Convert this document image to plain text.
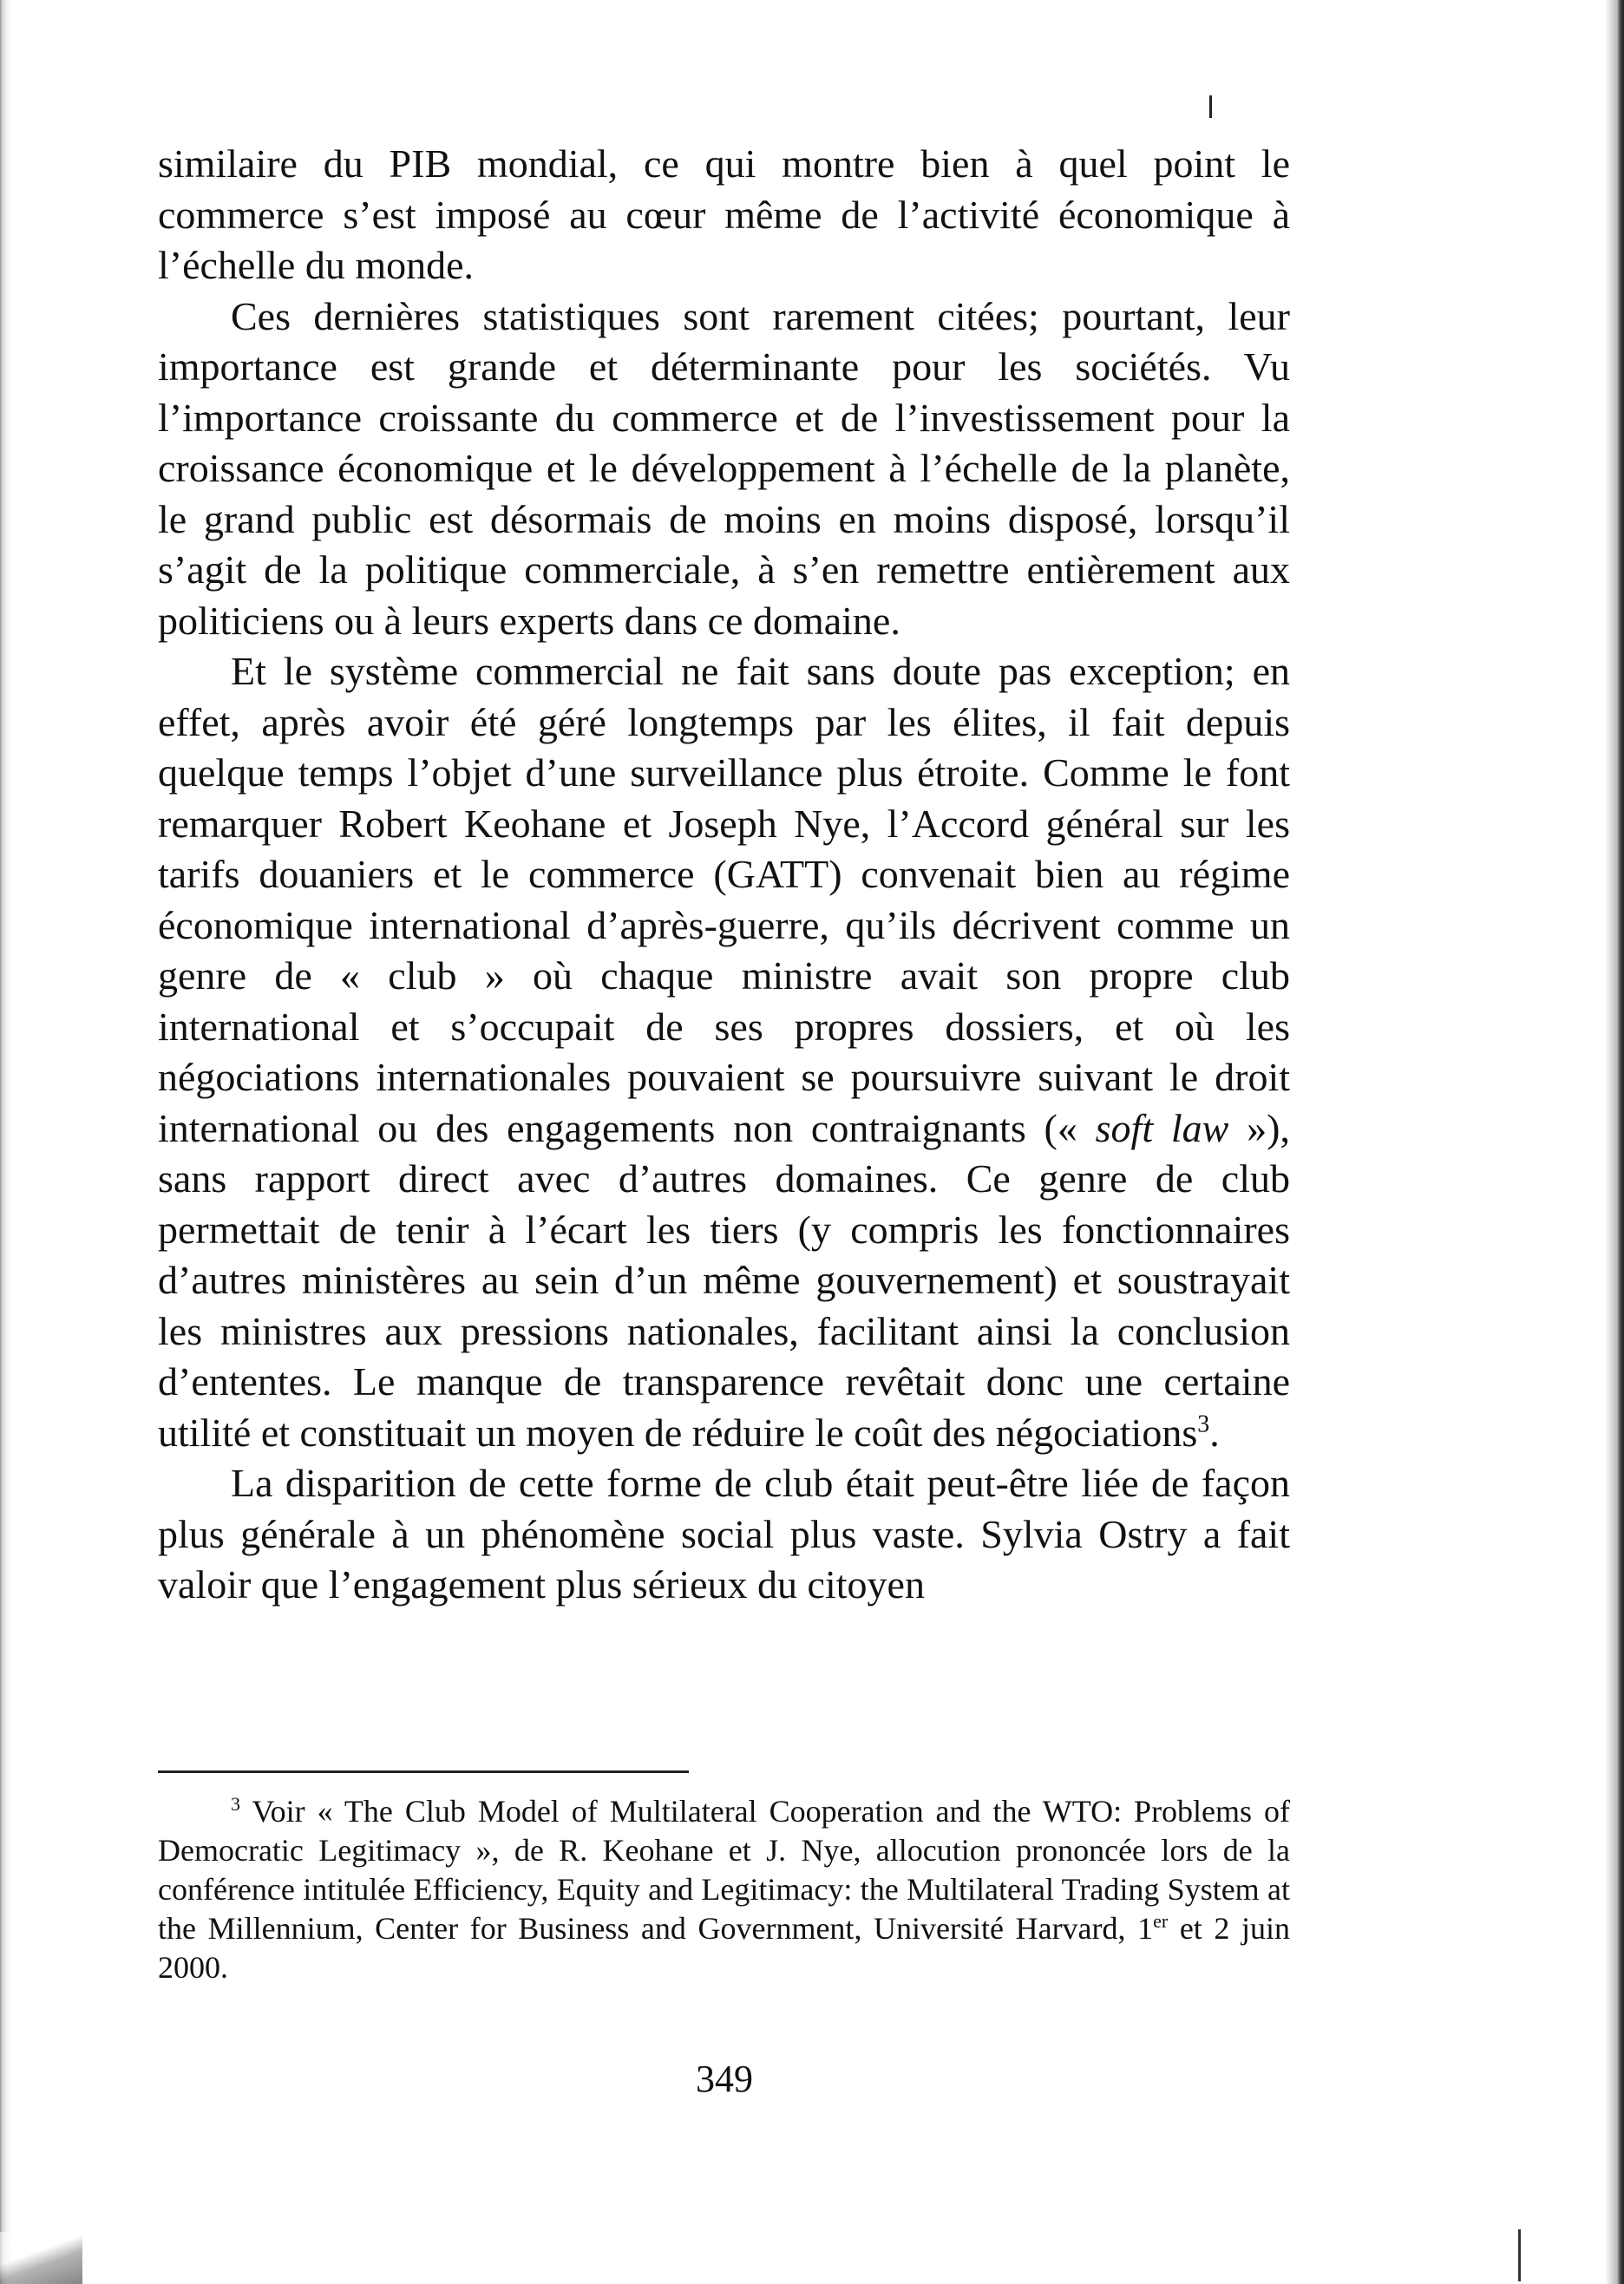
similaire du PIB mondial, ce qui montre bien à quel point le commerce s’est imposé au cœur même de l’activité économique à l’échelle du monde.

Ces dernières statistiques sont rarement citées; pourtant, leur importance est grande et déterminante pour les sociétés. Vu l’importance croissante du commerce et de l’investissement pour la croissance économique et le développement à l’échelle de la planète, le grand public est désormais de moins en moins disposé, lorsqu’il s’agit de la politique commerciale, à s’en remettre entièrement aux politiciens ou à leurs experts dans ce domaine.

Et le système commercial ne fait sans doute pas exception; en effet, après avoir été géré longtemps par les élites, il fait depuis quelque temps l’objet d’une surveillance plus étroite. Comme le font remarquer Robert Keohane et Joseph Nye, l’Accord général sur les tarifs douaniers et le commerce (GATT) convenait bien au régime économique international d’après-guerre, qu’ils décrivent comme un genre de « club » où chaque ministre avait son propre club international et s’occupait de ses propres dossiers, et où les négociations internationales pouvaient se poursuivre suivant le droit international ou des engagements non contraignants (« soft law »), sans rapport direct avec d’autres domaines. Ce genre de club permettait de tenir à l’écart les tiers (y compris les fonctionnaires d’autres ministères au sein d’un même gouvernement) et soustrayait les ministres aux pressions nationales, facilitant ainsi la conclusion d’ententes. Le manque de transparence revêtait donc une certaine utilité et constituait un moyen de réduire le coût des négociations$^3$.

La disparition de cette forme de club était peut-être liée de façon plus générale à un phénomène social plus vaste. Sylvia Ostry a fait valoir que l’engagement plus sérieux du citoyen

$^3$ Voir « The Club Model of Multilateral Cooperation and the WTO: Problems of Democratic Legitimacy », de R. Keohane et J. Nye, allocution prononcée lors de la conférence intitulée Efficiency, Equity and Legitimacy: the Multilateral Trading System at the Millennium, Center for Business and Government, Université Harvard, 1er et 2 juin 2000.

349
